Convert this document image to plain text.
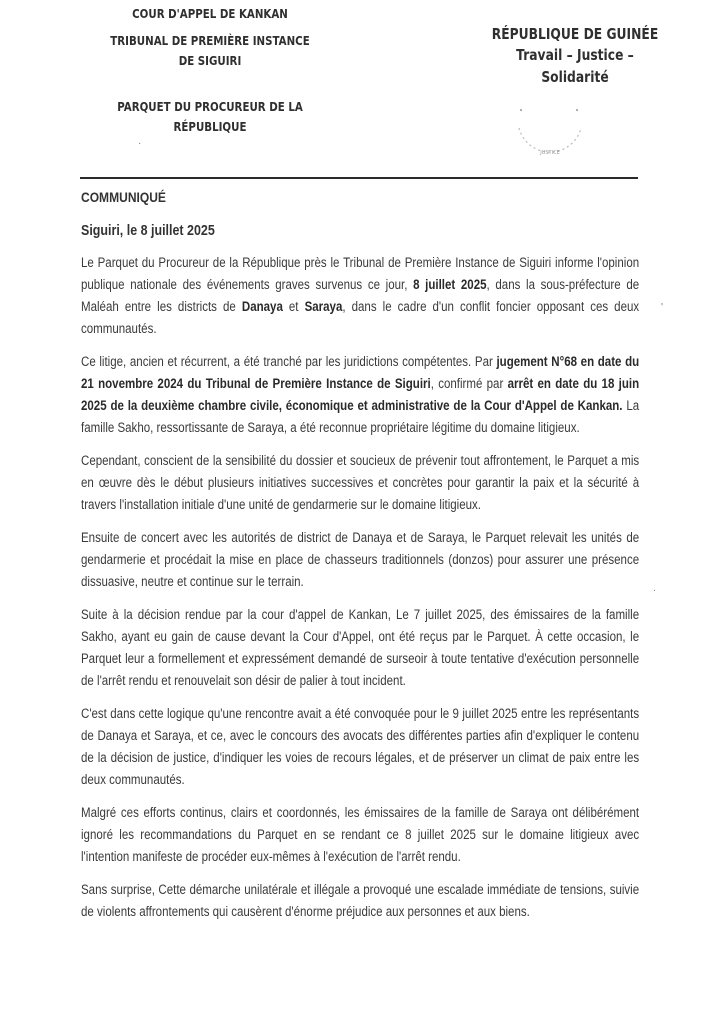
COUR D'APPEL DE KANKAN

TRIBUNAL DE PREMIÈRE INSTANCE

DE SIGUIRI

PARQUET DU PROCUREUR DE LA

RÉPUBLIQUE

RÉPUBLIQUE DE GUINÉE
Travail – Justice – Solidarité
JUSTICE

COMMUNIQUÉ

Siguiri, le 8 juillet 2025

Le Parquet du Procureur de la République près le Tribunal de Première Instance de Siguiri informe l'opinion publique nationale des événements graves survenus ce jour, 8 juillet 2025, dans la sous-préfecture de Maléah entre les districts de Danaya et Saraya, dans le cadre d'un conflit foncier opposant ces deux communautés.

Ce litige, ancien et récurrent, a été tranché par les juridictions compétentes. Par jugement N°68 en date du 21 novembre 2024 du Tribunal de Première Instance de Siguiri, confirmé par arrêt en date du 18 juin 2025 de la deuxième chambre civile, économique et administrative de la Cour d'Appel de Kankan. La famille Sakho, ressortissante de Saraya, a été reconnue propriétaire légitime du domaine litigieux.

Cependant, conscient de la sensibilité du dossier et soucieux de prévenir tout affrontement, le Parquet a mis en œuvre dès le début plusieurs initiatives successives et concrètes pour garantir la paix et la sécurité à travers l'installation initiale d'une unité de gendarmerie sur le domaine litigieux.

Ensuite de concert avec les autorités de district de Danaya et de Saraya, le Parquet relevait les unités de gendarmerie et procédait la mise en place de chasseurs traditionnels (donzos) pour assurer une présence dissuasive, neutre et continue sur le terrain.

Suite à la décision rendue par la cour d'appel de Kankan, Le 7 juillet 2025, des émissaires de la famille Sakho, ayant eu gain de cause devant la Cour d'Appel, ont été reçus par le Parquet. À cette occasion, le Parquet leur a formellement et expressément demandé de surseoir à toute tentative d'exécution personnelle de l'arrêt rendu et renouvelait son désir de palier à tout incident.

C'est dans cette logique qu'une rencontre avait a été convoquée pour le 9 juillet 2025 entre les représentants de Danaya et Saraya, et ce, avec le concours des avocats des différentes parties afin d'expliquer le contenu de la décision de justice, d'indiquer les voies de recours légales, et de préserver un climat de paix entre les deux communautés.

Malgré ces efforts continus, clairs et coordonnés, les émissaires de la famille de Saraya ont délibérément ignoré les recommandations du Parquet en se rendant ce 8 juillet 2025 sur le domaine litigieux avec l'intention manifeste de procéder eux-mêmes à l'exécution de l'arrêt rendu.

Sans surprise, Cette démarche unilatérale et illégale a provoqué une escalade immédiate de tensions, suivie de violents affrontements qui causèrent d'énorme préjudice aux personnes et aux biens.

'
.
·
